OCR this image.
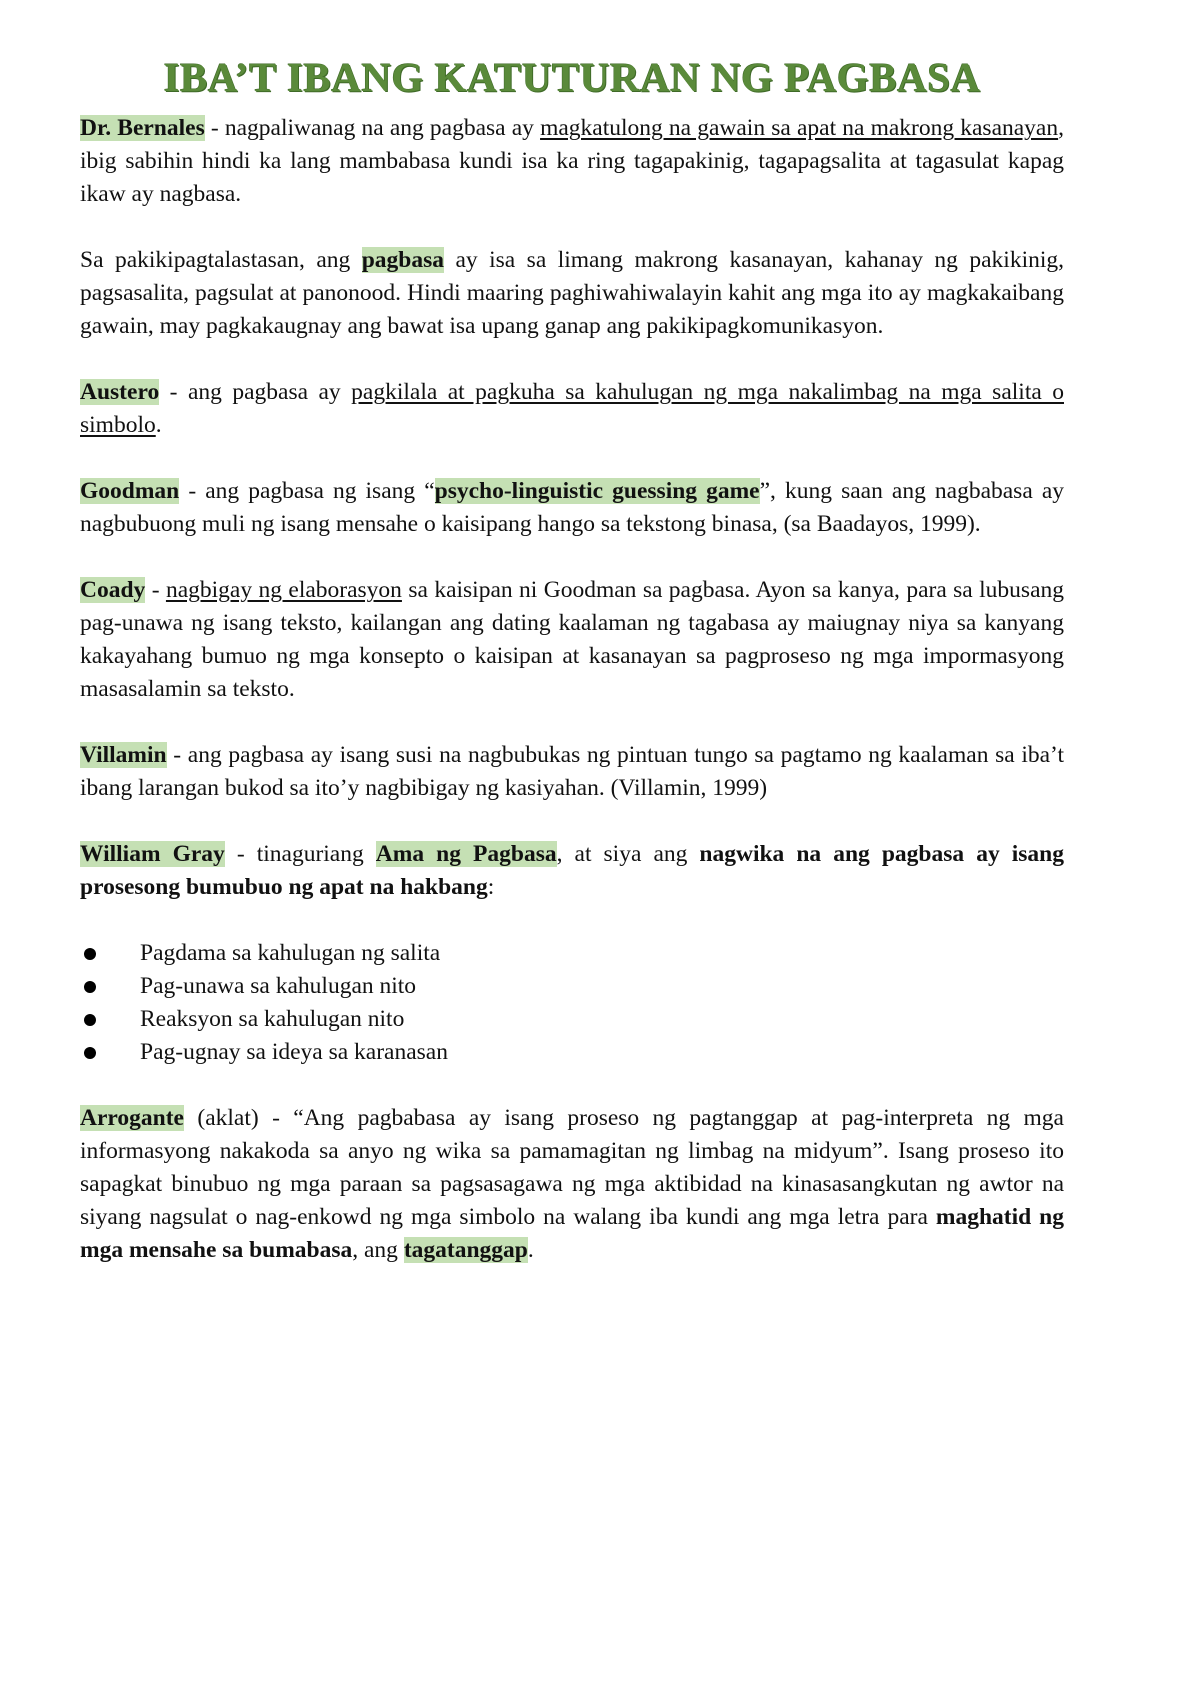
IBA’T IBANG KATUTURAN NG PAGBASA

Dr. Bernales - nagpaliwanag na ang pagbasa ay magkatulong na gawain sa apat na makrong kasanayan, ibig sabihin hindi ka lang mambabasa kundi isa ka ring tagapakinig, tagapagsalita at tagasulat kapag ikaw ay nagbasa.

Sa pakikipagtalastasan, ang pagbasa ay isa sa limang makrong kasanayan, kahanay ng pakikinig, pagsasalita, pagsulat at panonood. Hindi maaring paghiwahiwalayin kahit ang mga ito ay magkakaibang gawain, may pagkakaugnay ang bawat isa upang ganap ang pakikipagkomunikasyon.

Austero - ang pagbasa ay pagkilala at pagkuha sa kahulugan ng mga nakalimbag na mga salita o simbolo.

Goodman - ang pagbasa ng isang “psycho-linguistic guessing game”, kung saan ang nagbabasa ay nagbubuong muli ng isang mensahe o kaisipang hango sa tekstong binasa, (sa Baadayos, 1999).

Coady - nagbigay ng elaborasyon sa kaisipan ni Goodman sa pagbasa. Ayon sa kanya, para sa lubusang pag-unawa ng isang teksto, kailangan ang dating kaalaman ng tagabasa ay maiugnay niya sa kanyang kakayahang bumuo ng mga konsepto o kaisipan at kasanayan sa pagproseso ng mga impormasyong masasalamin sa teksto.

Villamin - ang pagbasa ay isang susi na nagbubukas ng pintuan tungo sa pagtamo ng kaalaman sa iba’t ibang larangan bukod sa ito’y nagbibigay ng kasiyahan. (Villamin, 1999)

William Gray - tinaguriang Ama ng Pagbasa, at siya ang nagwika na ang pagbasa ay isang prosesong bumubuo ng apat na hakbang:

Pagdama sa kahulugan ng salita
Pag-unawa sa kahulugan nito
Reaksyon sa kahulugan nito
Pag-ugnay sa ideya sa karanasan

Arrogante (aklat) - “Ang pagbabasa ay isang proseso ng pagtanggap at pag-interpreta ng mga informasyong nakakoda sa anyo ng wika sa pamamagitan ng limbag na midyum”. Isang proseso ito sapagkat binubuo ng mga paraan sa pagsasagawa ng mga aktibidad na kinasasangkutan ng awtor na siyang nagsulat o nag-enkowd ng mga simbolo na walang iba kundi ang mga letra para maghatid ng mga mensahe sa bumabasa, ang tagatanggap.
